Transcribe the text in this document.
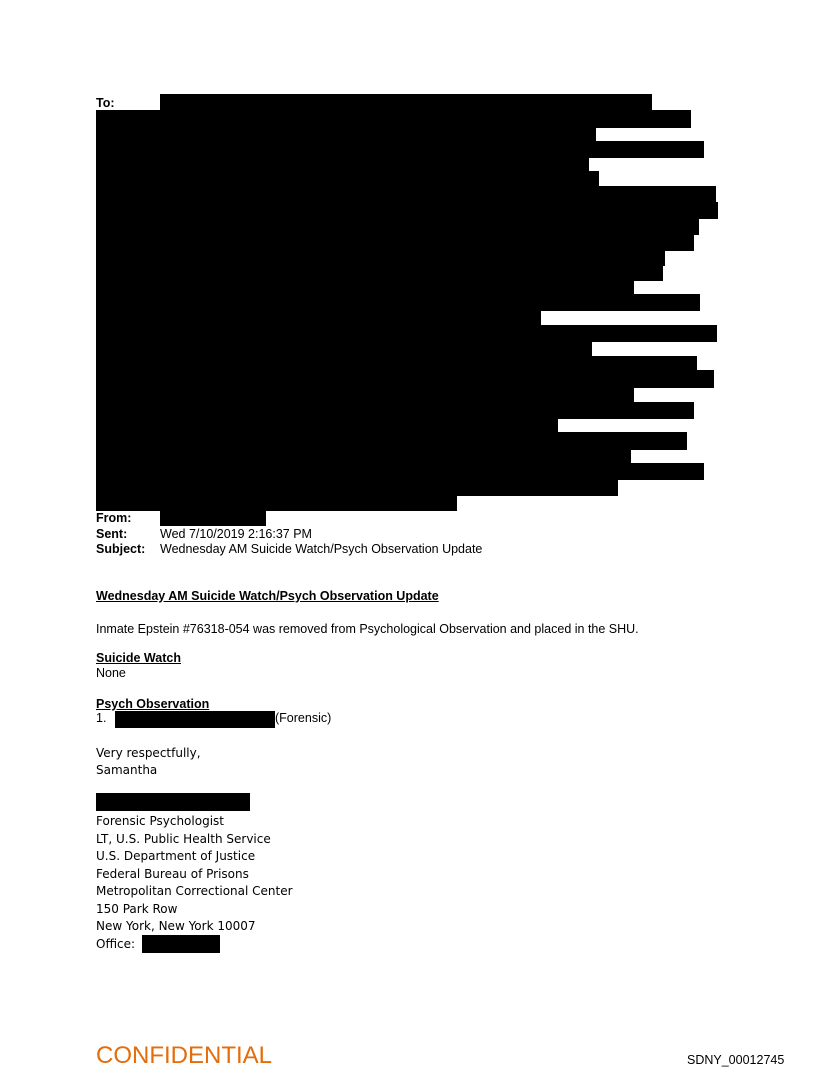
To:
From:
Sent:	Wed 7/10/2019 2:16:37 PM
Subject: Wednesday AM Suicide Watch/Psych Observation Update
Wednesday AM Suicide Watch/Psych Observation Update
Inmate Epstein #76318-054 was removed from Psychological Observation and placed in the SHU.
Suicide Watch
None
Psych Observation
1.	(Forensic)
Very respectfully,
Samantha
Forensic Psychologist
LT, U.S. Public Health Service
U.S. Department of Justice
Federal Bureau of Prisons
Metropolitan Correctional Center
150 Park Row
New York, New York 10007
Office:
CONFIDENTIAL	SDNY_00012745
